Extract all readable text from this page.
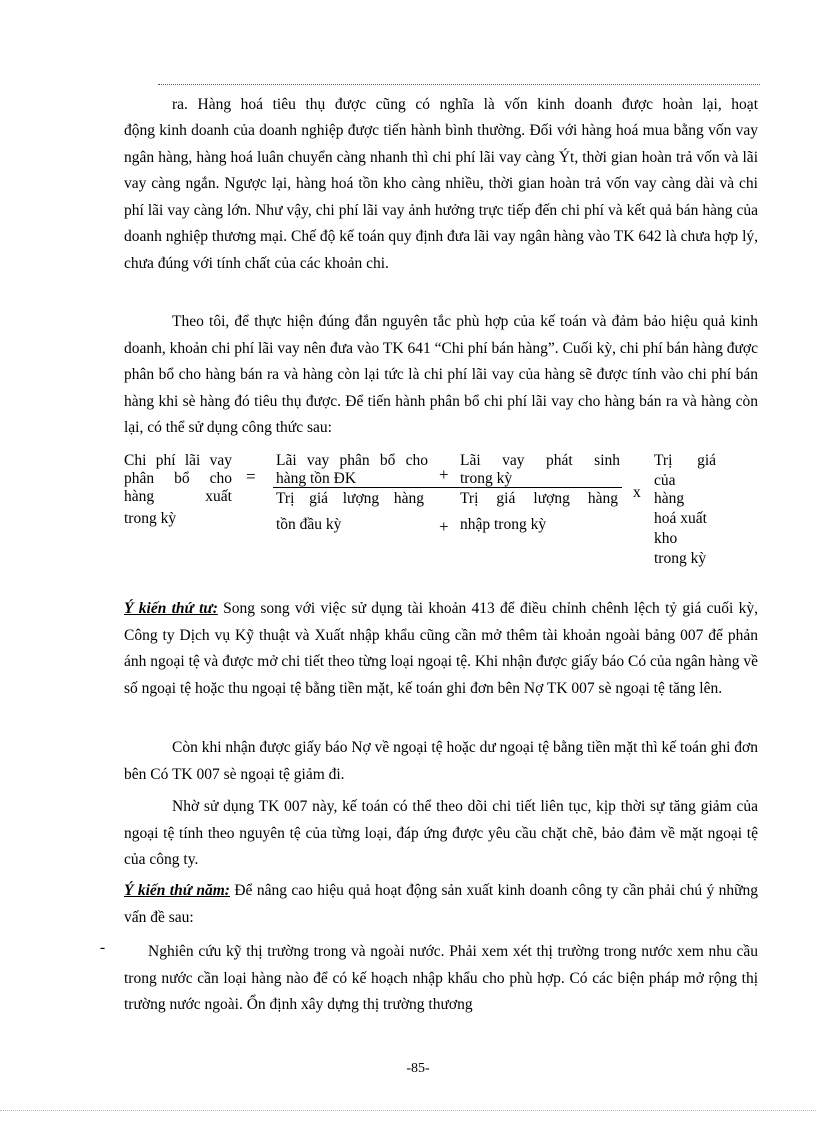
ra. Hàng hoá tiêu thụ được cũng có nghĩa là vốn kinh doanh được hoàn lại, hoạt

động kinh doanh của doanh nghiệp được tiến hành bình thường. Đối với hàng hoá mua bằng vốn vay ngân hàng, hàng hoá luân chuyển càng nhanh thì chi phí lãi vay càng Ýt, thời gian hoàn trả vốn và lãi vay càng ngắn. Ngược lại, hàng hoá tồn kho càng nhiều, thời gian hoàn trả vốn vay càng dài và chi phí lãi vay càng lớn. Như vậy, chi phí lãi vay ảnh hưởng trực tiếp đến chi phí và kết quả bán hàng của doanh nghiệp thương mại. Chế độ kế toán quy định đưa lãi vay ngân hàng vào TK 642 là chưa hợp lý, chưa đúng với tính chất của các khoản chi.

Theo tôi, để thực hiện đúng đắn nguyên tắc phù hợp của kế toán và đảm bảo hiệu quả kinh doanh, khoản chi phí lãi vay nên đưa vào TK 641 “Chi phí bán hàng”. Cuối kỳ, chi phí bán hàng được phân bổ cho hàng bán ra và hàng còn lại tức là chi phí lãi vay của hàng sẽ được tính vào chi phí bán hàng khi sè hàng đó tiêu thụ được. Để tiến hành phân bổ chi phí lãi vay cho hàng bán ra và hàng còn lại, có thể sử dụng công thức sau:

Chi phí lãi vay
phân bổ cho
hàng xuất
trong kỳ
=
Lãi vay phân bổ cho
hàng tồn ĐK	+
Lãi vay phát sinh
trong kỳ
Trị giá lượng hàng
tồn đầu kỳ	+
Trị giá lượng hàng
nhập trong kỳ
x
Trị giá
của
hàng
hoá xuất
kho
trong kỳ

Ý kiến thứ tư: Song song với việc sử dụng tài khoản 413 để điều chỉnh chênh lệch tỷ giá cuối kỳ, Công ty Dịch vụ Kỹ thuật và Xuất nhập khẩu cũng cần mở thêm tài khoản ngoài bảng 007 để phản ánh ngoại tệ và được mở chi tiết theo từng loại ngoại tệ. Khi nhận được giấy báo Có của ngân hàng về số ngoại tệ hoặc thu ngoại tệ bằng tiền mặt, kế toán ghi đơn bên Nợ TK 007 sè ngoại tệ tăng lên.

Còn khi nhận được giấy báo Nợ về ngoại tệ hoặc dư ngoại tệ bằng tiền mặt thì kế toán ghi đơn bên Có TK 007 sè ngoại tệ giảm đi.

Nhờ sử dụng TK 007 này, kế toán có thể theo dõi chi tiết liên tục, kịp thời sự tăng giảm của ngoại tệ tính theo nguyên tệ của từng loại, đáp ứng được yêu cầu chặt chẽ, bảo đảm về mặt ngoại tệ của công ty.

Ý kiến thứ năm: Để nâng cao hiệu quả hoạt động sản xuất kinh doanh công ty cần phải chú ý những vấn đề sau:

-	Nghiên cứu kỹ thị trường trong và ngoài nước. Phải xem xét thị trường trong nước xem nhu cầu trong nước cần loại hàng nào để có kế hoạch nhập khẩu cho phù hợp. Có các biện pháp mở rộng thị trường nước ngoài. Ổn định xây dựng thị trường thương

-85-
